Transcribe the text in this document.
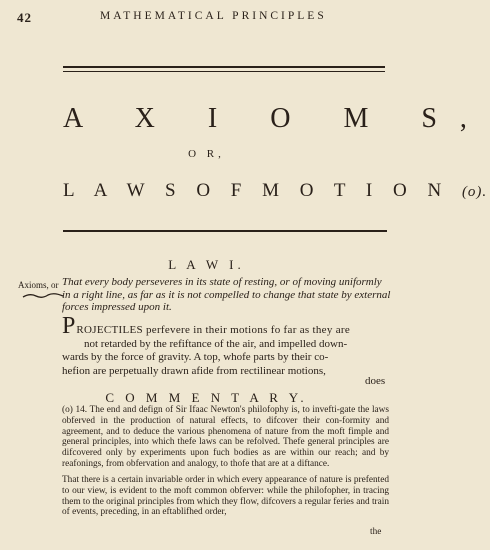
42	MATHEMATICAL PRINCIPLES
A X I O M S,
O R,
L A W S O F M O T I O N (o).
L A W I.
Axioms, or That every body perseveres in its state of resting, or of moving uniformly in a right line, as far as it is not compelled to change that state by external forces impressed upon it.
PROJECTILES perfevere in their motions fo far as they are
not retarded by the refiftance of the air, and impelled down-
wards by the force of gravity. A top, whofe parts by their co-
hefion are perpetually drawn afide from rectilinear motions,
does
C O M M E N T A R Y.
(o) 14. The end and defign of Sir Ifaac Newton's philofophy is, to invefti-gate the laws obferved in the production of natural effects, to difcover their con-formity and agreement, and to deduce the various phenomena of nature from the moft fimple and general principles, into which thefe laws can be refolved. Thefe general principles are difcovered only by experiments upon fuch bodies as are within our reach; and by reafonings, from obfervation and analogy, to thofe that are at a diftance.
That there is a certain invariable order in which every appearance of nature is prefented to our view, is evident to the moft common obferver: while the philofopher, in tracing them to the original principles from which they flow, difcovers a regular feries and train of events, preceding, in an eftablifhed order,
the
